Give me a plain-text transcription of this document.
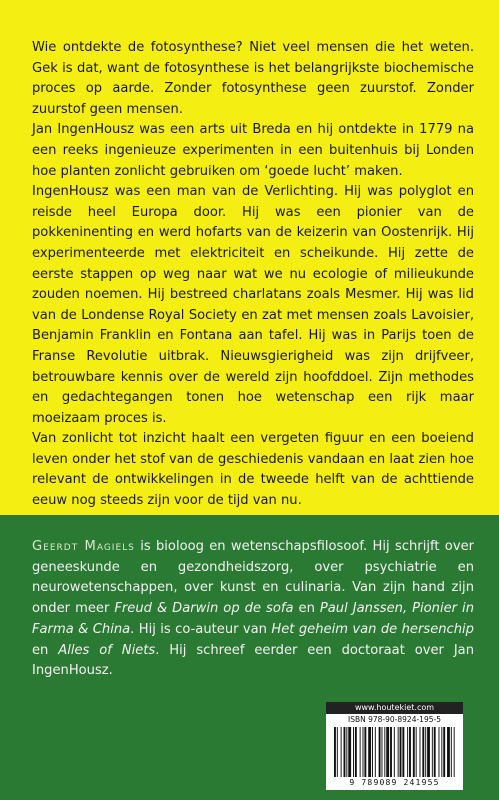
Wie ontdekte de fotosynthese? Niet veel mensen die het weten. Gek is dat, want de fotosynthese is het belangrijkste biochemische proces op aarde. Zonder fotosynthese geen zuurstof. Zonder zuurstof geen mensen.

Jan IngenHousz was een arts uit Breda en hij ontdekte in 1779 na een reeks ingenieuze experimenten in een buitenhuis bij Londen hoe planten zonlicht gebruiken om ‘goede lucht’ maken.

IngenHousz was een man van de Verlichting. Hij was polyglot en reisde heel Europa door. Hij was een pionier van de pokkeninenting en werd hofarts van de keizerin van Oostenrijk. Hij experimenteerde met elektriciteit en scheikunde. Hij zette de eerste stappen op weg naar wat we nu ecologie of milieukunde zouden noemen. Hij bestreed charlatans zoals Mesmer. Hij was lid van de Londense Royal Society en zat met mensen zoals Lavoisier, Benjamin Franklin en Fontana aan tafel. Hij was in Parijs toen de Franse Revolutie uitbrak. Nieuwsgierigheid was zijn drijfveer, betrouwbare kennis over de wereld zijn hoofddoel. Zijn methodes en gedachtegangen tonen hoe wetenschap een rijk maar moeizaam proces is.

Van zonlicht tot inzicht haalt een vergeten figuur en een boeiend leven onder het stof van de geschiedenis vandaan en laat zien hoe relevant de ontwikkelingen in de tweede helft van de achttiende eeuw nog steeds zijn voor de tijd van nu.

Geerdt Magiels is bioloog en wetenschapsfilosoof. Hij schrijft over geneeskunde en gezondheidszorg, over psychiatrie en neurowetenschappen, over kunst en culinaria. Van zijn hand zijn onder meer Freud & Darwin op de sofa en Paul Janssen, Pionier in Farma & China. Hij is co-auteur van Het geheim van de hersenchip en Alles of Niets. Hij schreef eerder een doctoraat over Jan IngenHousz.

www.houtekiet.com
ISBN 978-90-8924-195-5
9 789089 241955
